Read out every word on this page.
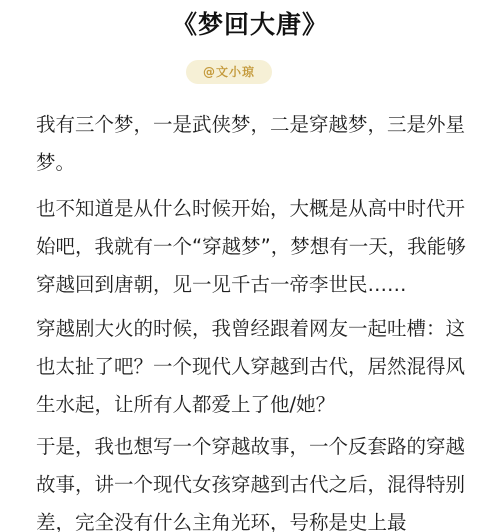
《梦回大唐》
@文小琼

我有三个梦，一是武侠梦，二是穿越梦，三是外星梦。

也不知道是从什么时候开始，大概是从高中时代开始吧，我就有一个“穿越梦”，梦想有一天，我能够穿越回到唐朝，见一见千古一帝李世民……

穿越剧大火的时候，我曾经跟着网友一起吐槽：这也太扯了吧？一个现代人穿越到古代，居然混得风生水起，让所有人都爱上了他/她？

于是，我也想写一个穿越故事，一个反套路的穿越故事，讲一个现代女孩穿越到古代之后，混得特别差，完全没有什么主角光环，号称是史上最
